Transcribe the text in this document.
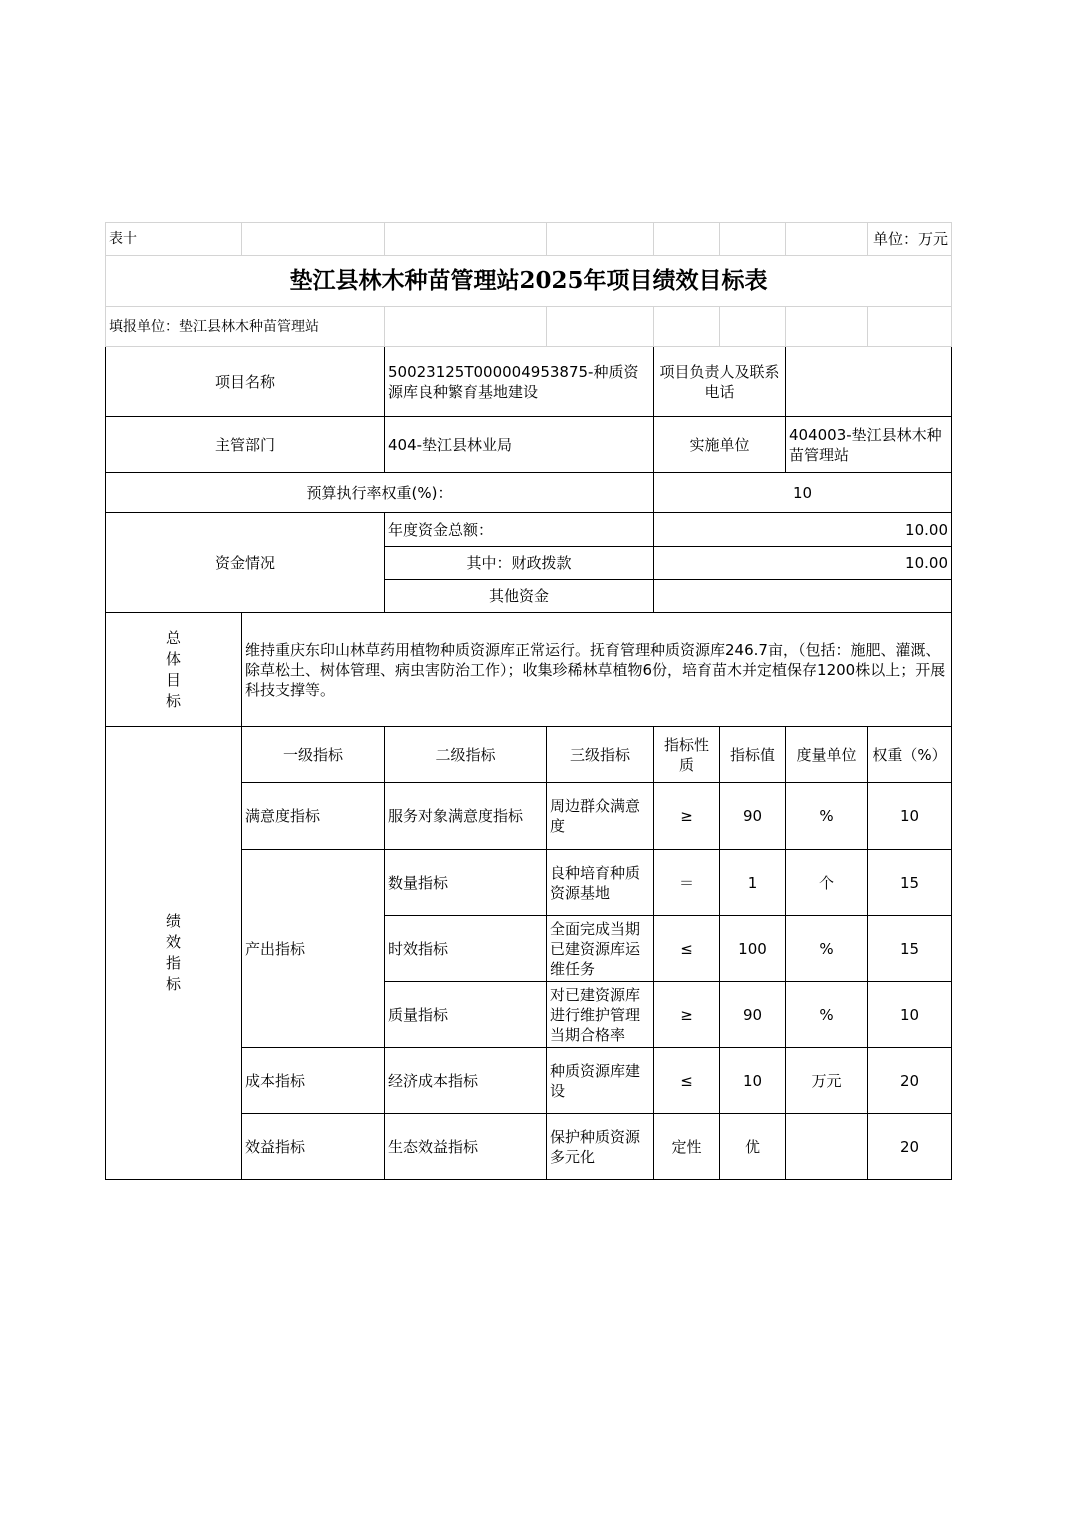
表十							单位：万元
垫江县林木种苗管理站2025年项目绩效目标表							
填报单位：垫江县林木种苗管理站							
项目名称		50023125T000004953875-种质资源库良种繁育基地建设		项目负责人及联系电话			
主管部门		404-垫江县林业局		实施单位		404003-垫江县林木种苗管理站	
预算执行率权重(%)：				10			
资金情况		年度资金总额：		10.00			
		其中：财政拨款		10.00			
		其他资金					

总体目标	维持重庆东印山林草药用植物种质资源库正常运行。抚育管理种质资源库246.7亩，（包括：施肥、灌溉、除草松土、树体管理、病虫害防治工作）；收集珍稀林草植物6份，培育苗木并定植保存1200株以上；开展科技支撑等。						

绩效指标	一级指标	二级指标	三级指标	指标性质	指标值	度量单位	权重（%）
	满意度指标	服务对象满意度指标	周边群众满意度	≥	90	%	10
	产出指标	数量指标	良种培育种质资源基地	＝	1	个	15
		时效指标	全面完成当期已建资源库运维任务	≤	100	%	15
		质量指标	对已建资源库进行维护管理当期合格率	≥	90	%	10
	成本指标	经济成本指标	种质资源库建设	≤	10	万元	20
	效益指标	生态效益指标	保护种质资源多元化	定性	优		20
